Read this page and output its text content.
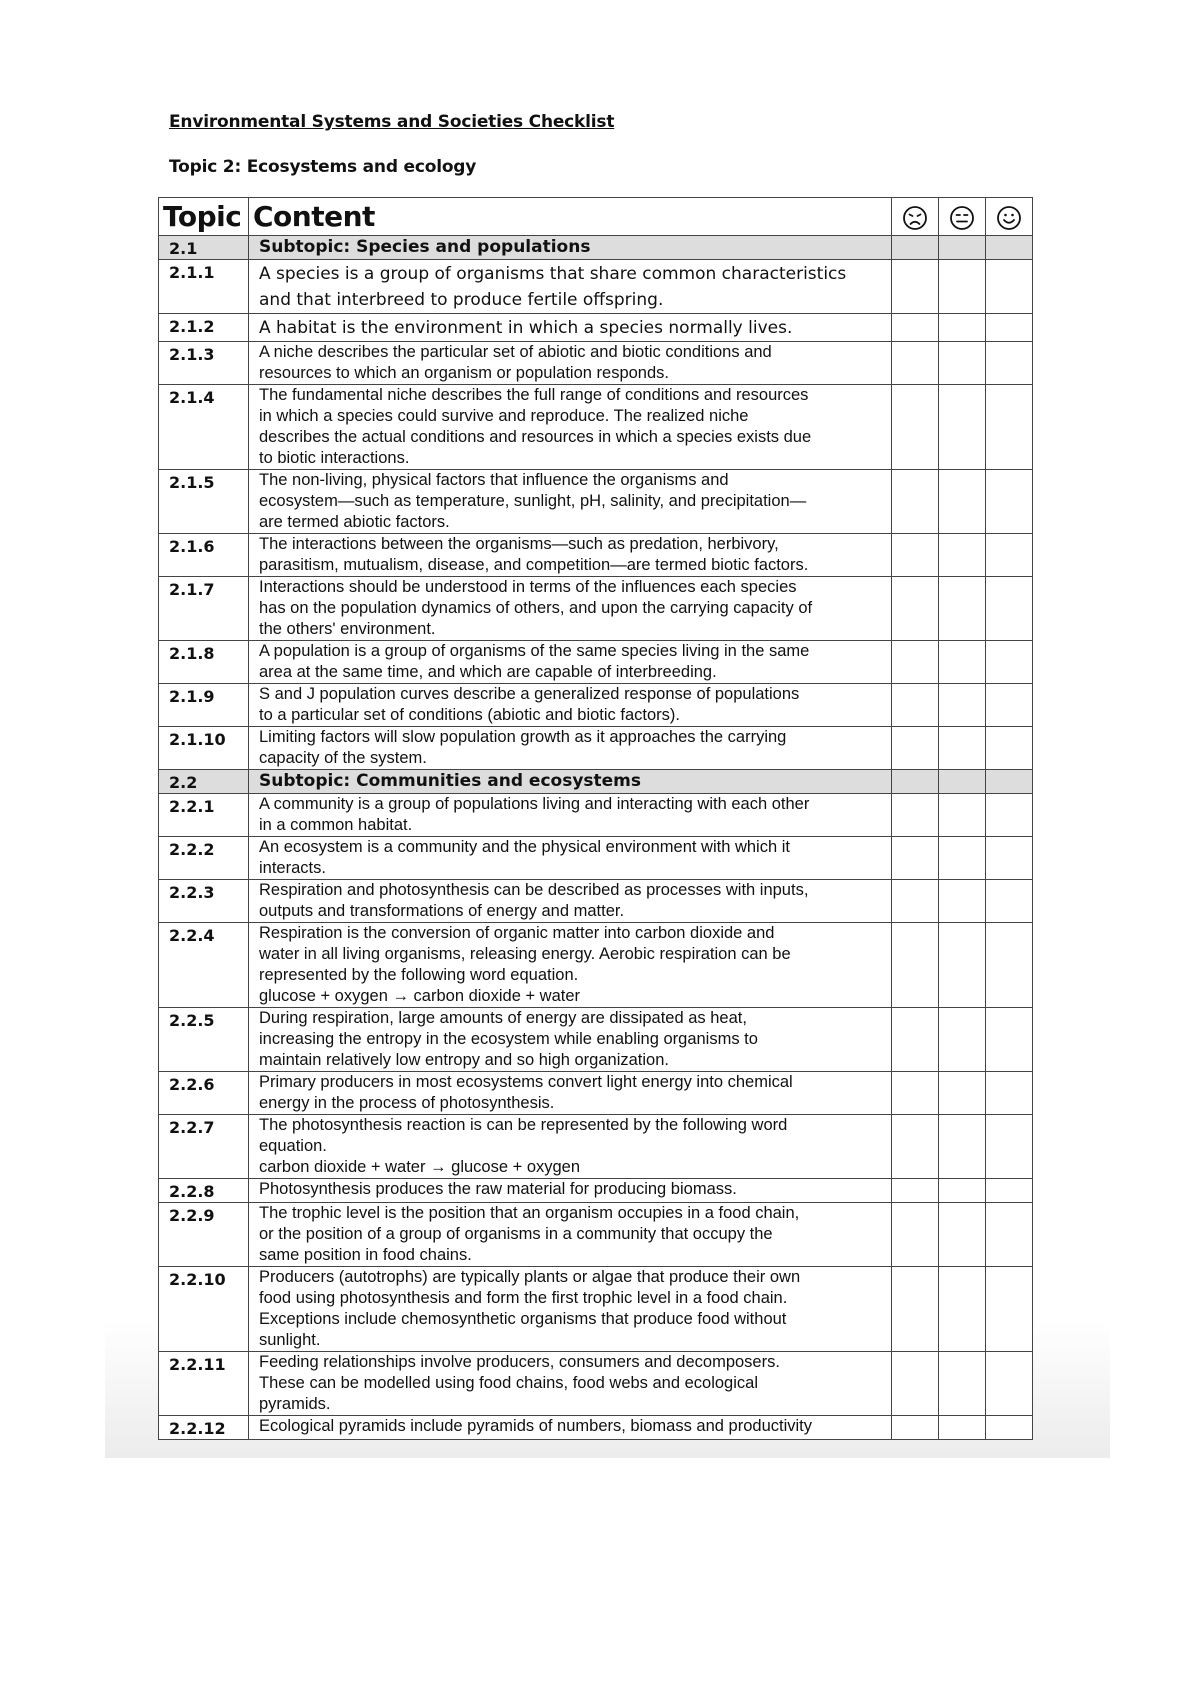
Environmental Systems and Societies Checklist
Topic 2: Ecosystems and ecology
Topic	Content			
2.1	Subtopic: Species and populations			

2.1.1	A species is a group of organisms that share common characteristics
and that interbreed to produce fertile offspring.			

2.1.2	A habitat is the environment in which a species normally lives.			

2.1.3	A niche describes the particular set of abiotic and biotic conditions and
resources to which an organism or population responds.			

2.1.4	The fundamental niche describes the full range of conditions and resources
in which a species could survive and reproduce. The realized niche
describes the actual conditions and resources in which a species exists due
to biotic interactions.			

2.1.5	The non-living, physical factors that influence the organisms and
ecosystem—such as temperature, sunlight, pH, salinity, and precipitation—
are termed abiotic factors.			

2.1.6	The interactions between the organisms—such as predation, herbivory,
parasitism, mutualism, disease, and competition—are termed biotic factors.			

2.1.7	Interactions should be understood in terms of the influences each species
has on the population dynamics of others, and upon the carrying capacity of
the others' environment.			

2.1.8	A population is a group of organisms of the same species living in the same
area at the same time, and which are capable of interbreeding.			

2.1.9	S and J population curves describe a generalized response of populations
to a particular set of conditions (abiotic and biotic factors).			

2.1.10	Limiting factors will slow population growth as it approaches the carrying
capacity of the system.			

2.2	Subtopic: Communities and ecosystems			

2.2.1	A community is a group of populations living and interacting with each other
in a common habitat.			

2.2.2	An ecosystem is a community and the physical environment with which it
interacts.			

2.2.3	Respiration and photosynthesis can be described as processes with inputs,
outputs and transformations of energy and matter.			

2.2.4	Respiration is the conversion of organic matter into carbon dioxide and
water in all living organisms, releasing energy. Aerobic respiration can be
represented by the following word equation.
glucose + oxygen → carbon dioxide + water			

2.2.5	During respiration, large amounts of energy are dissipated as heat,
increasing the entropy in the ecosystem while enabling organisms to
maintain relatively low entropy and so high organization.			

2.2.6	Primary producers in most ecosystems convert light energy into chemical
energy in the process of photosynthesis.			

2.2.7	The photosynthesis reaction is can be represented by the following word
equation.
carbon dioxide + water → glucose + oxygen			

2.2.8	Photosynthesis produces the raw material for producing biomass.			

2.2.9	The trophic level is the position that an organism occupies in a food chain,
or the position of a group of organisms in a community that occupy the
same position in food chains.			

2.2.10	Producers (autotrophs) are typically plants or algae that produce their own
food using photosynthesis and form the first trophic level in a food chain.
Exceptions include chemosynthetic organisms that produce food without
sunlight.			

2.2.11	Feeding relationships involve producers, consumers and decomposers.
These can be modelled using food chains, food webs and ecological
pyramids.			

2.2.12	Ecological pyramids include pyramids of numbers, biomass and productivity			
